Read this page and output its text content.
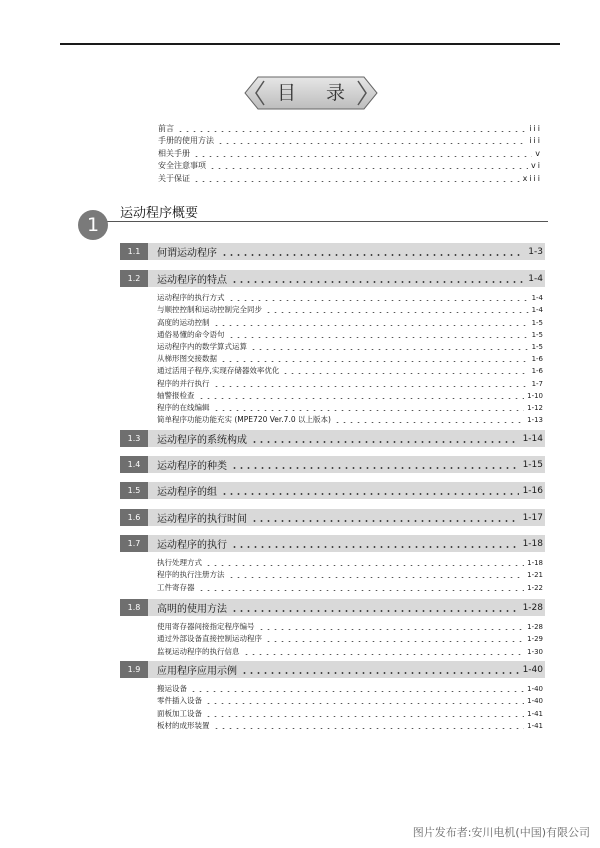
目 录
前言	iii
手册的使用方法	iii
相关手册	v
安全注意事项	vi
关于保证	xiii
1
运动程序概要
1.1	何谓运动程序	1-3
1.2	运动程序的特点	1-4
运动程序的执行方式	1-4
与顺控控制和运动控制完全同步	1-4
高度的运动控制	1-5
通俗易懂的命令语句	1-5
运动程序内的数学算式运算	1-5
从梯形图交接数据	1-6
通过活用子程序,实现存储器效率优化	1-6
程序的并行执行	1-7
轴警报检查	1-10
程序的在线编辑	1-12
简单程序功能功能充实 (MPE720 Ver.7.0 以上版本)	1-13
1.3	运动程序的系统构成	1-14
1.4	运动程序的种类	1-15
1.5	运动程序的组	1-16
1.6	运动程序的执行时间	1-17
1.7	运动程序的执行	1-18
执行处理方式	1-18
程序的执行注册方法	1-21
工件寄存器	1-22
1.8	高明的使用方法	1-28
使用寄存器间接指定程序编号	1-28
通过外部设备直接控制运动程序	1-29
监视运动程序的执行信息	1-30
1.9	应用程序应用示例	1-40
搬运设备	1-40
零件插入设备	1-40
面板加工设备	1-41
板材的成形装置	1-41
图片发布者:安川电机(中国)有限公司
